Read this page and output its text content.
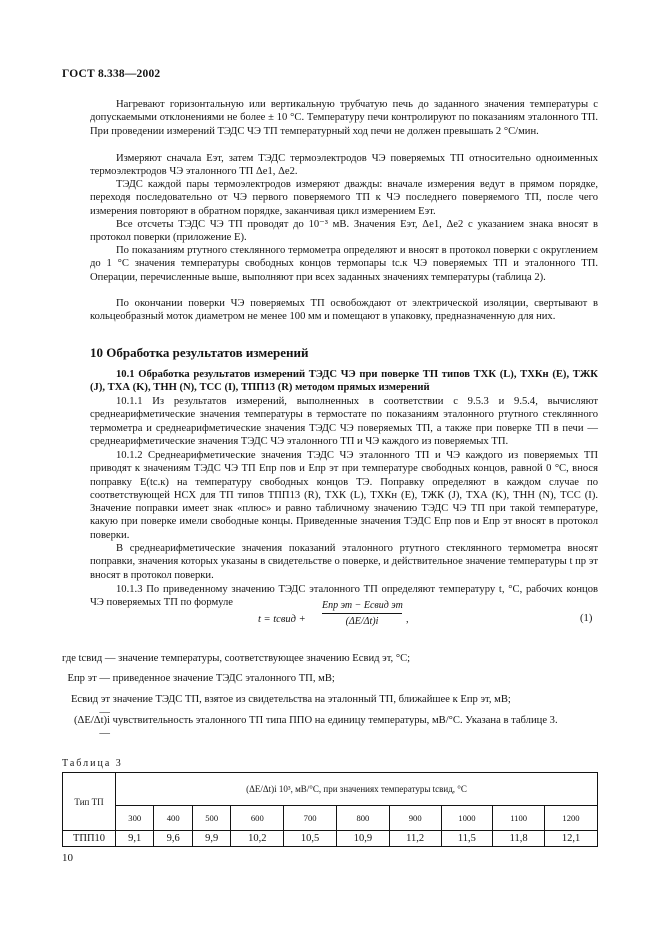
ГОСТ 8.338—2002

Нагревают горизонтальную или вертикальную трубчатую печь до заданного значения температуры с допускаемыми отклонениями не более ± 10 °С. Температуру печи контролируют по показаниям эталонного ТП. При проведении измерений ТЭДС ЧЭ ТП температурный ход печи не должен превышать 2 °С/мин.

Измеряют сначала Eэт, затем ТЭДС термоэлектродов ЧЭ поверяемых ТП относительно одноименных термоэлектродов ЧЭ эталонного ТП Δe1, Δe2.

ТЭДС каждой пары термоэлектродов измеряют дважды: вначале измерения ведут в прямом порядке, переходя последовательно от ЧЭ первого поверяемого ТП к ЧЭ последнего поверяемого ТП, после чего измерения повторяют в обратном порядке, заканчивая цикл измерением Eэт.

Все отсчеты ТЭДС ЧЭ ТП проводят до 10⁻³ мВ. Значения Eэт, Δe1, Δe2 с указанием знака вносят в протокол поверки (приложение Е).

По показаниям ртутного стеклянного термометра определяют и вносят в протокол поверки с округлением до 1 °С значения температуры свободных концов термопары tс.к ЧЭ поверяемых ТП и эталонного ТП. Операции, перечисленные выше, выполняют при всех заданных значениях температуры (таблица 2).

По окончании поверки ЧЭ поверяемых ТП освобождают от электрической изоляции, свертывают в кольцеобразный моток диаметром не менее 100 мм и помещают в упаковку, предназначенную для них.

10 Обработка результатов измерений

10.1 Обработка результатов измерений ТЭДС ЧЭ при поверке ТП типов ТХК (L), ТХКн (E), ТЖК (J), ТХА (K), ТНН (N), ТСС (I), ТПП13 (R) методом прямых измерений

10.1.1 Из результатов измерений, выполненных в соответствии с 9.5.3 и 9.5.4, вычисляют среднеарифметические значения температуры в термостате по показаниям эталонного ртутного стеклянного термометра и среднеарифметические значения ТЭДС ЧЭ поверяемых ТП, а также при поверке ТП в печи — среднеарифметические значения ТЭДС ЧЭ эталонного ТП и ЧЭ каждого из поверяемых ТП.

10.1.2 Среднеарифметические значения ТЭДС ЧЭ эталонного ТП и ЧЭ каждого из поверяемых ТП приводят к значениям ТЭДС ЧЭ ТП Eпр пов и Eпр эт при температуре свободных концов, равной 0 °С, внося поправку E(tс.к) на температуру свободных концов ТЭ. Поправку определяют в каждом случае по соответствующей НСХ для ТП типов ТПП13 (R), ТХК (L), ТХКн (E), ТЖК (J), ТХА (K), ТНН (N), ТСС (I). Значение поправки имеет знак «плюс» и равно табличному значению ТЭДС ЧЭ ТП при такой температуре, какую при поверке имели свободные концы. Приведенные значения ТЭДС Eпр пов и Eпр эт вносят в протокол поверки.

В среднеарифметические значения показаний эталонного ртутного стеклянного термометра вносят поправки, значения которых указаны в свидетельстве о поверке, и действительное значение температуры t пр эт вносят в протокол поверки.

10.1.3 По приведенному значению ТЭДС эталонного ТП определяют температуру t, °С, рабочих концов ЧЭ поверяемых ТП по формуле

t = tсвид +
Eпр эт − Eсвид эт
(ΔE/Δt)i	,	(1)
где tсвид — значение температуры, соответствующее значению Eсвид эт, °С;
Eпр эт — приведенное значение ТЭДС эталонного ТП, мВ;
Eсвид эт — значение ТЭДС ТП, взятое из свидетельства на эталонный ТП, ближайшее к Eпр эт, мВ;
(ΔE/Δt)i — чувствительность эталонного ТП типа ППО на единицу температуры, мВ/°С. Указана в таблице 3.
Таблица 3
Тип ТП	(ΔE/Δt)i 10³, мВ/°С, при значениях температуры tсвид, °С									
	300	400	500	600	700	800	900	1000	1100	1200
ТПП10	9,1	9,6	9,9	10,2	10,5	10,9	11,2	11,5	11,8	12,1
10
